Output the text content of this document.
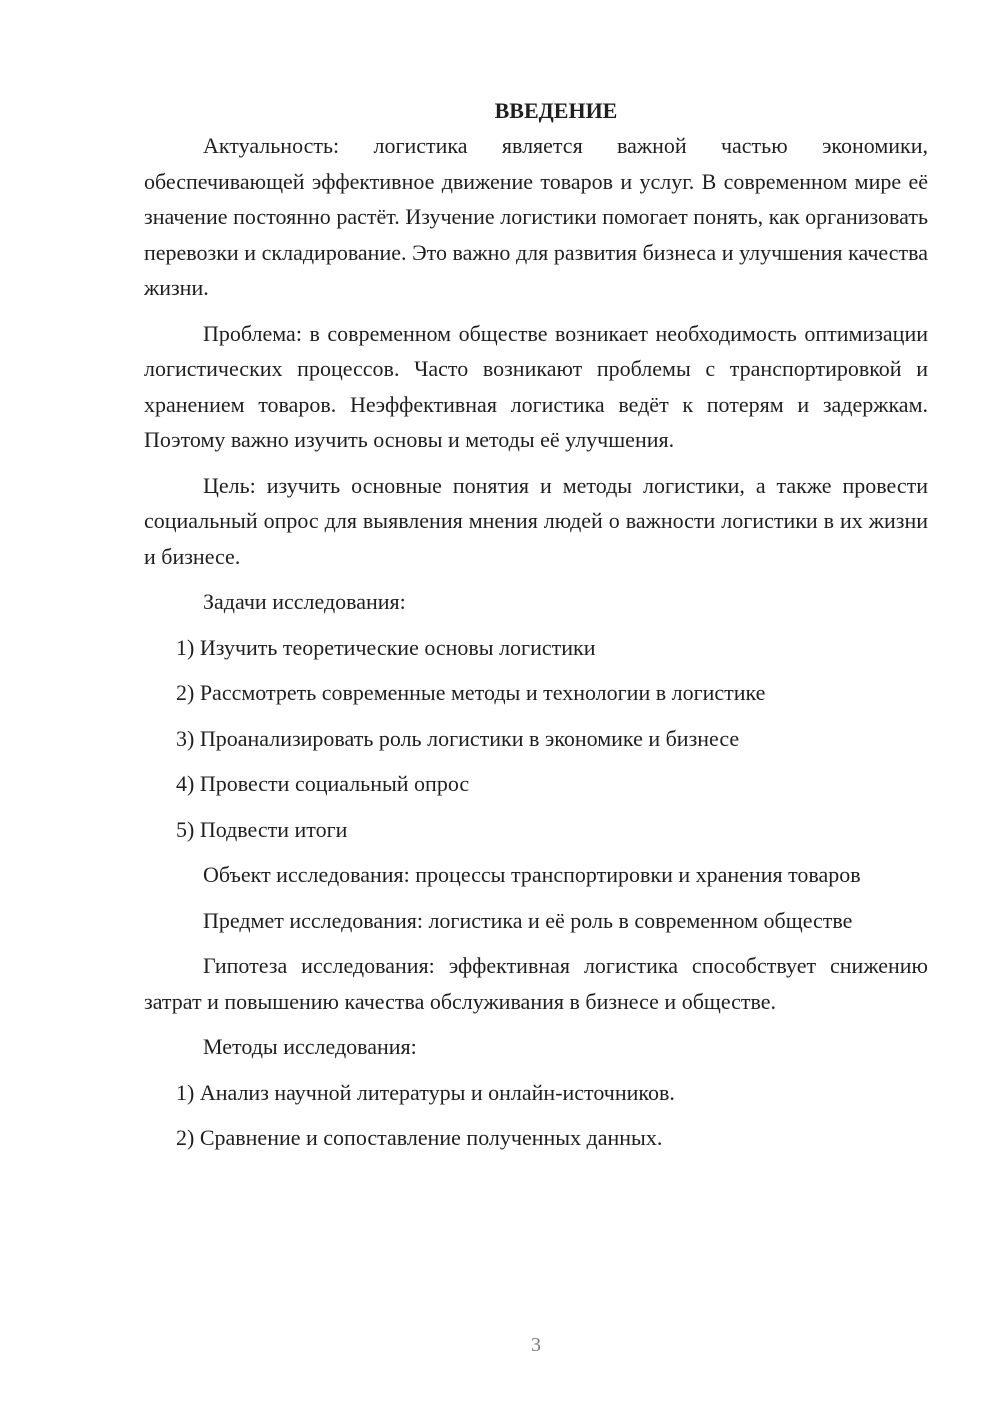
ВВЕДЕНИЕ

Актуальность: логистика является важной частью экономики, обеспечивающей эффективное движение товаров и услуг. В современном мире её значение постоянно растёт. Изучение логистики помогает понять, как организовать перевозки и складирование. Это важно для развития бизнеса и улучшения качества жизни.

Проблема: в современном обществе возникает необходимость оптимизации логистических процессов. Часто возникают проблемы с транспортировкой и хранением товаров. Неэффективная логистика ведёт к потерям и задержкам. Поэтому важно изучить основы и методы её улучшения.

Цель: изучить основные понятия и методы логистики, а также провести социальный опрос для выявления мнения людей о важности логистики в их жизни и бизнесе.

Задачи исследования:

1) Изучить теоретические основы логистики
2) Рассмотреть современные методы и технологии в логистике
3) Проанализировать роль логистики в экономике и бизнесе
4) Провести социальный опрос
5) Подвести итоги

Объект исследования: процессы транспортировки и хранения товаров

Предмет исследования: логистика и её роль в современном обществе

Гипотеза исследования: эффективная логистика способствует снижению затрат и повышению качества обслуживания в бизнесе и обществе.

Методы исследования:

1) Анализ научной литературы и онлайн-источников.
2) Сравнение и сопоставление полученных данных.
3
